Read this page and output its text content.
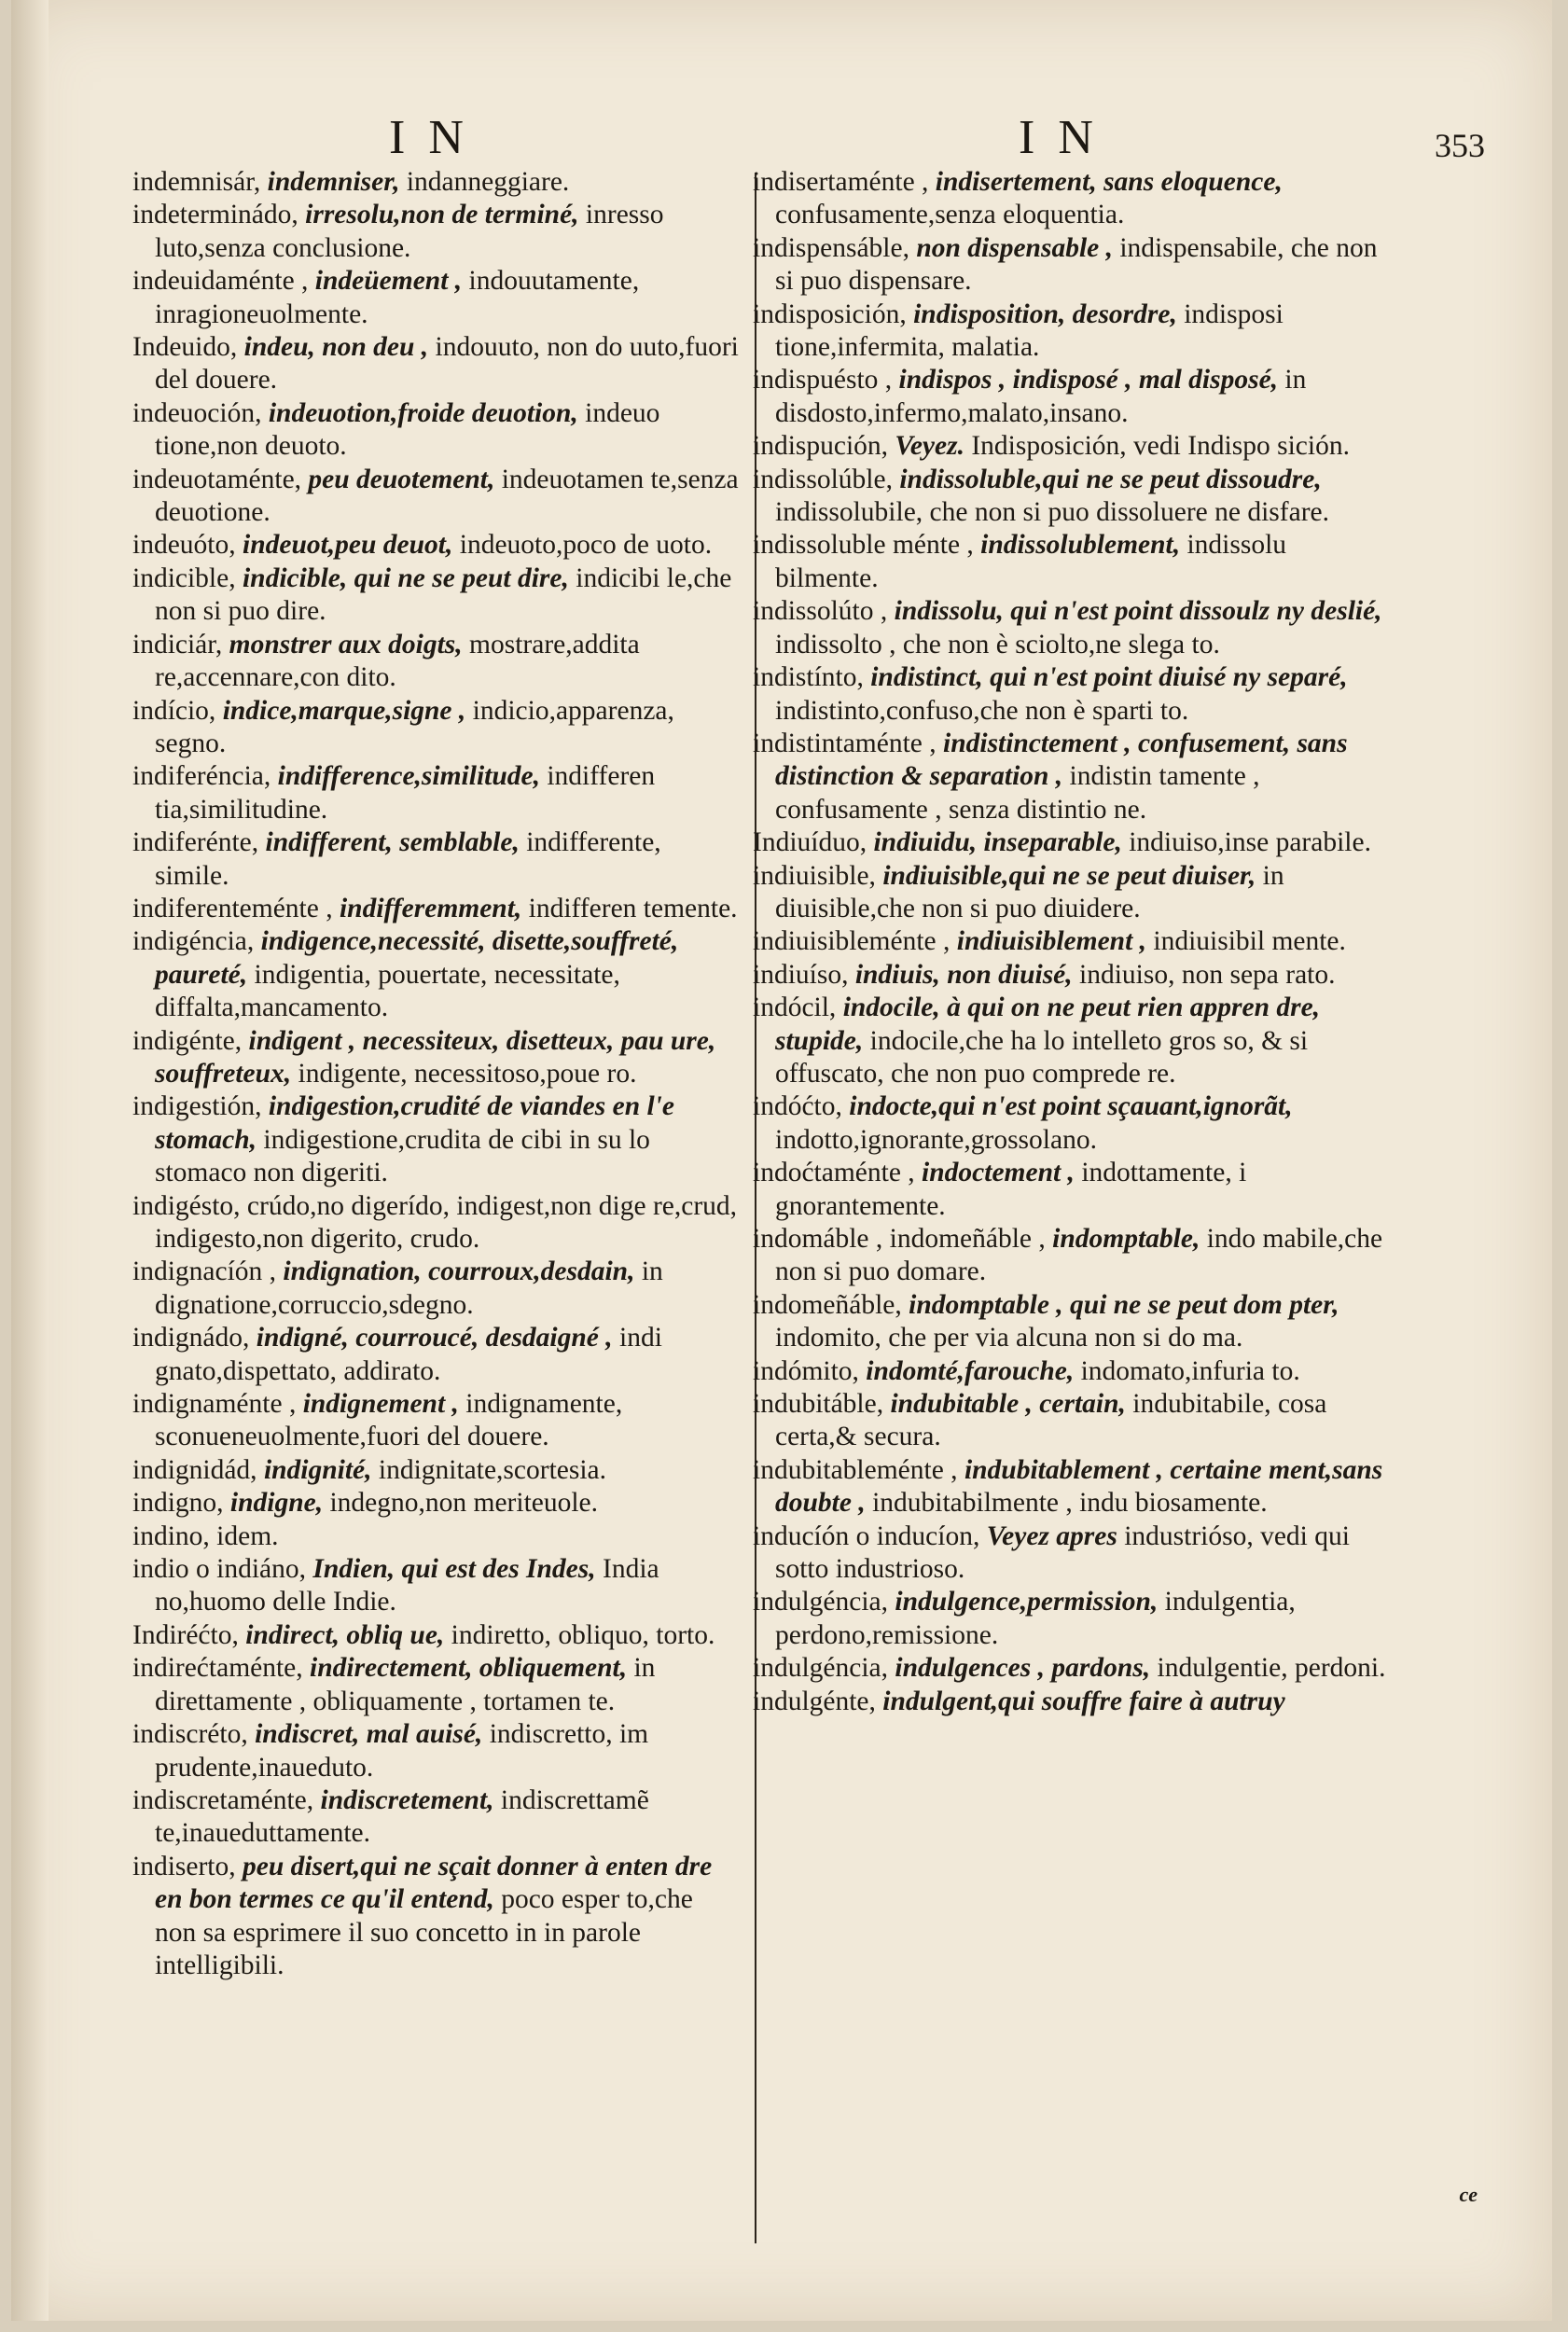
I N	I N	353
indemnisár, indemniser, indanneggiare.
indeterminádo, irresolu,non de terminé, inresso luto,senza conclusione.
indeuidaménte , indeüement , indouutamente, inragioneuolmente.
Indeuido, indeu, non deu , indouuto, non do uuto,fuori del douere.
indeuoción, indeuotion,froide deuotion, indeuo tione,non deuoto.
indeuotaménte, peu deuotement, indeuotamen te,senza deuotione.
indeuóto, indeuot,peu deuot, indeuoto,poco de uoto.
indicible, indicible, qui ne se peut dire, indicibi le,che non si puo dire.
indiciár, monstrer aux doigts, mostrare,addita re,accennare,con dito.
indício, indice,marque,signe , indicio,apparenza, segno.
indiferéncia, indifference,similitude, indifferen tia,similitudine.
indiferénte, indifferent, semblable, indifferente, simile.
indiferenteménte , indifferemment, indifferen temente.
indigéncia, indigence,necessité, disette,souffreté, paureté, indigentia, pouertate, necessitate, diffalta,mancamento.
indigénte, indigent , necessiteux, disetteux, pau ure, souffreteux, indigente, necessitoso,poue ro.
indigestión, indigestion,crudité de viandes en l'e stomach, indigestione,crudita de cibi in su lo stomaco non digeriti.
indigésto, crúdo,no digerído, indigest,non dige re,crud, indigesto,non digerito, crudo.
indignacíón , indignation, courroux,desdain, in dignatione,corruccio,sdegno.
indignádo, indigné, courroucé, desdaigné , indi gnato,dispettato, addirato.
indignaménte , indignement , indignamente, sconueneuolmente,fuori del douere.
indignidád, indignité, indignitate,scortesia.
indigno, indigne, indegno,non meriteuole.
indino, idem.
indio o indiáno, Indien, qui est des Indes, India no,huomo delle Indie.
Indiréćto, indirect, obliq ue, indiretto, obliquo, torto.
indirećtaménte, indirectement, obliquement, in direttamente , obliquamente , tortamen te.
indiscréto, indiscret, mal auisé, indiscretto, im prudente,inaueduto.
indiscretaménte, indiscretement, indiscrettamẽ te,inaueduttamente.
indiserto, peu disert,qui ne sçait donner à enten dre en bon termes ce qu'il entend, poco esper to,che non sa esprimere il suo concetto in in parole intelligibili.
indisertaménte , indisertement, sans eloquence, confusamente,senza eloquentia.
indispensáble, non dispensable , indispensabile, che non si puo dispensare.
indisposición, indisposition, desordre, indisposi tione,infermita, malatia.
indispuésto , indispos , indisposé , mal disposé, in disdosto,infermo,malato,insano.
indispución, Veyez. Indisposición, vedi Indispo sición.
indissolúble, indissoluble,qui ne se peut dissoudre, indissolubile, che non si puo dissoluere ne disfare.
indissoluble ménte , indissolublement, indissolu bilmente.
indissolúto , indissolu, qui n'est point dissoulz ny deslié, indissolto , che non è sciolto,ne slega to.
indistínto, indistinct, qui n'est point diuisé ny separé, indistinto,confuso,che non è sparti to.
indistintaménte , indistinctement , confusement, sans distinction & separation , indistin tamente , confusamente , senza distintio ne.
Indiuíduo, indiuidu, inseparable, indiuiso,inse parabile.
indiuisible, indiuisible,qui ne se peut diuiser, in diuisible,che non si puo diuidere.
indiuisibleménte , indiuisiblement , indiuisibil mente.
indiuíso, indiuis, non diuisé, indiuiso, non sepa rato.
indócil, indocile, à qui on ne peut rien appren dre, stupide, indocile,che ha lo intelleto gros so, & si offuscato, che non puo comprede re.
indóćto, indocte,qui n'est point sçauant,ignorãt, indotto,ignorante,grossolano.
indoćtaménte , indoctement , indottamente, i gnorantemente.
indomáble , indomeñáble , indomptable, indo mabile,che non si puo domare.
indomeñáble, indomptable , qui ne se peut dom pter, indomito, che per via alcuna non si do ma.
indómito, indomté,farouche, indomato,infuria to.
indubitáble, indubitable , certain, indubitabile, cosa certa,& secura.
indubitableménte , indubitablement , certaine ment,sans doubte , indubitabilmente , indu biosamente.
inducíón o inducíon, Veyez apres industrióso, vedi qui sotto industrioso.
indulgéncia, indulgence,permission, indulgentia, perdono,remissione.
indulgéncia, indulgences , pardons, indulgentie, perdoni.
indulgénte, indulgent,qui souffre faire à autruy
ce
